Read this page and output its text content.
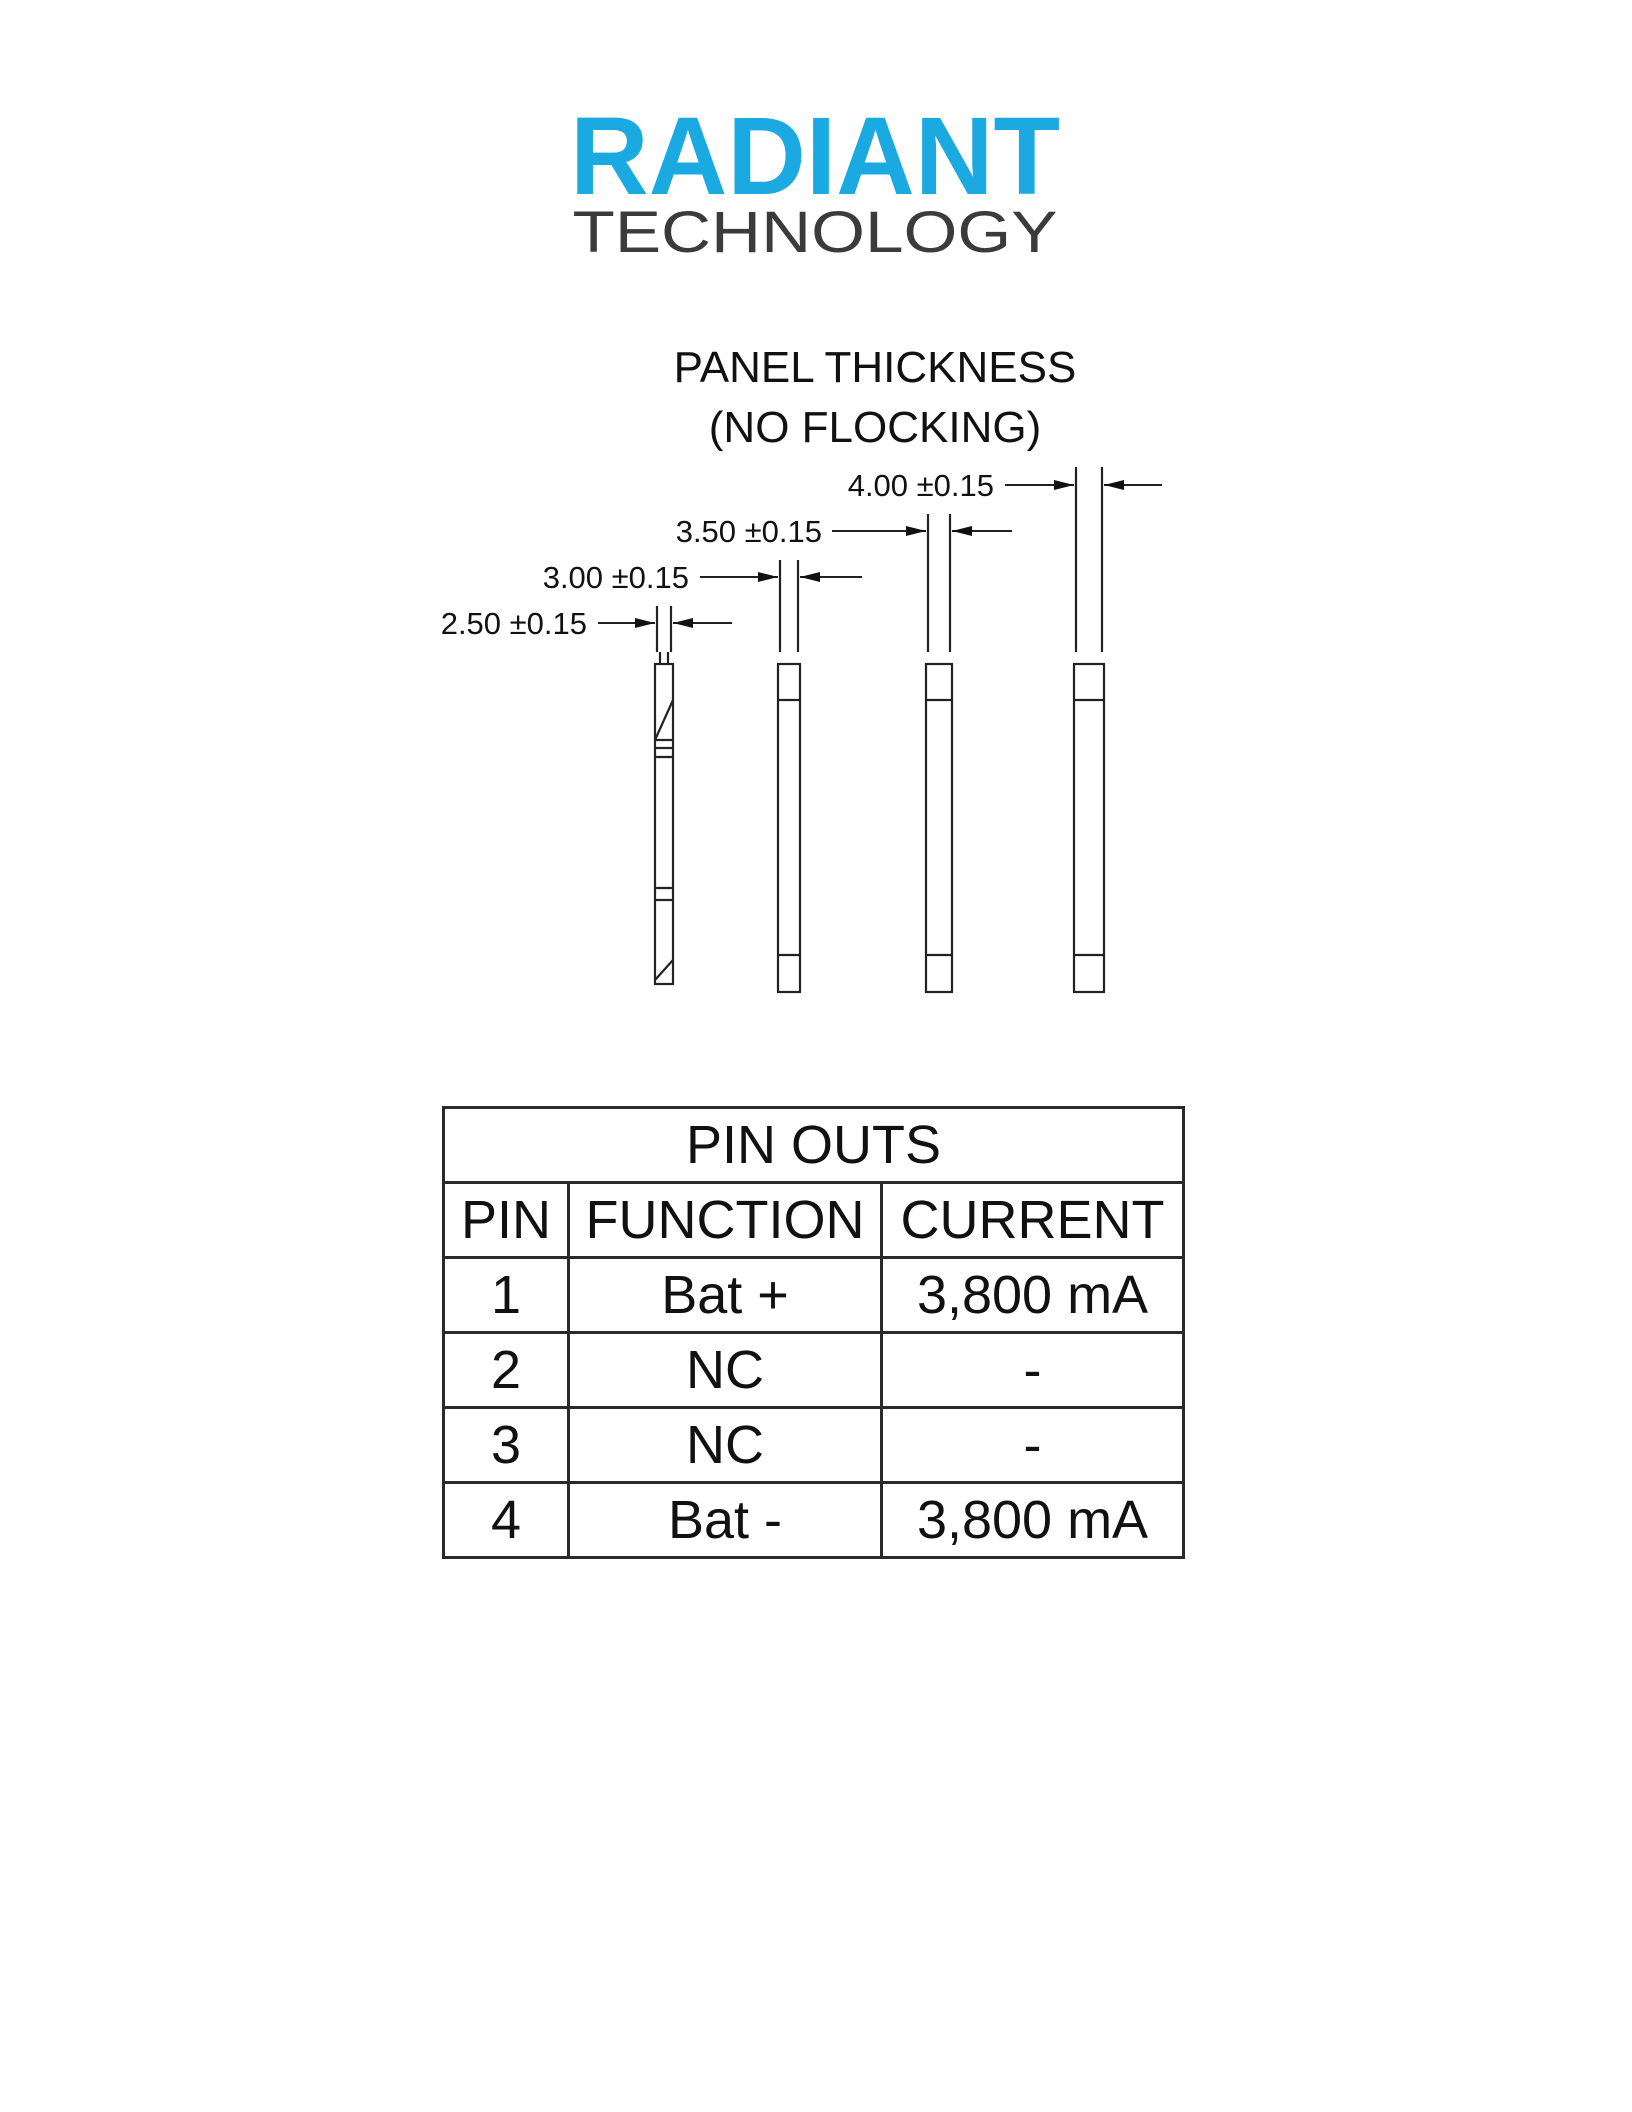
RADIANT
TECHNOLOGY
PANEL THICKNESS
(NO FLOCKING)
2.50 ±0.15
3.00 ±0.15
3.50 ±0.15
4.00 ±0.15
PIN OUTS		
PIN	FUNCTION	CURRENT
1	Bat +	3,800 mA
2	NC	-
3	NC	-
4	Bat -	3,800 mA
